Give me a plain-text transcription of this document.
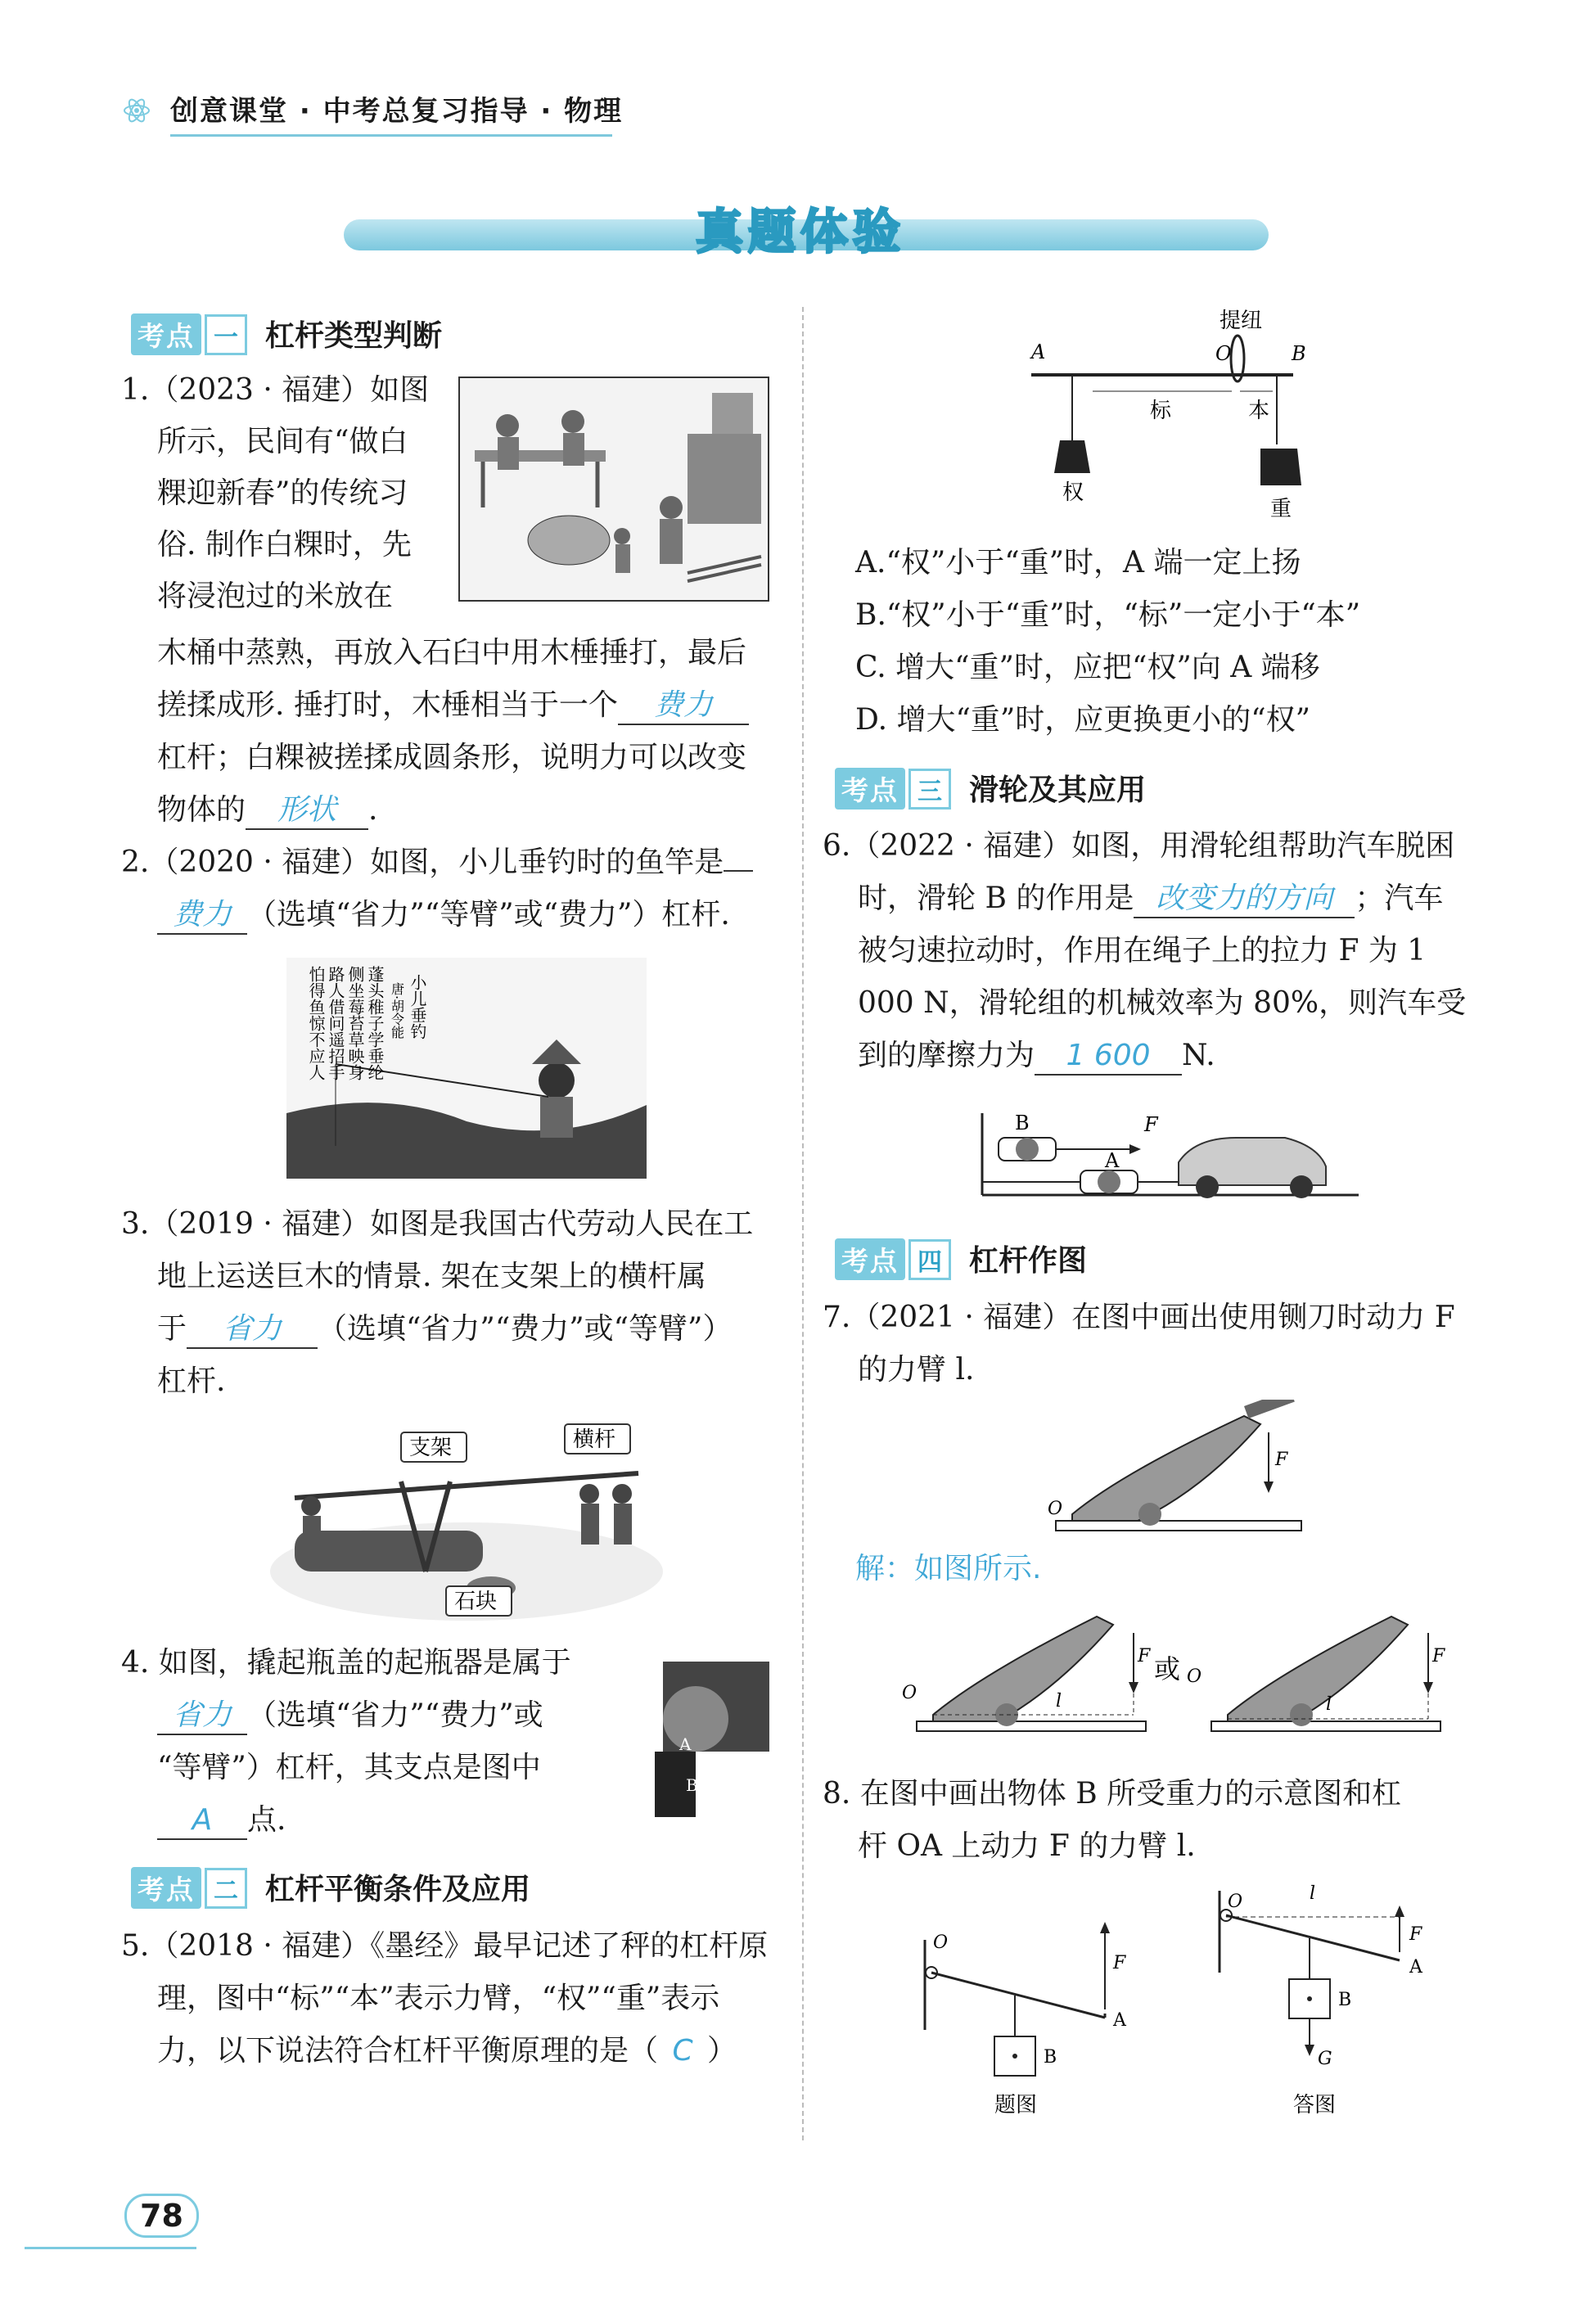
创意课堂 · 中考总复习指导 · 物理
真题体验
考点 一 杠杆类型判断
1.（2023 · 福建）如图
所示，民间有“做白
粿迎新春”的传统习
俗. 制作白粿时，先
将浸泡过的米放在
木桶中蒸熟，再放入石臼中用木棰捶打，最后
搓揉成形. 捶打时，木棰相当于一个 费力
杠杆；白粿被搓揉成圆条形，说明力可以改变
物体的 形状 .
2.（2020 · 福建）如图，小儿垂钓时的鱼竿是
费力 （选填“省力”“等臂”或“费力”）杠杆.
小儿垂钓
唐·胡令能
蓬头稚子学垂纶
侧坐莓苔草映身
路人借问遥招手
怕得鱼惊不应人
3.（2019 · 福建）如图是我国古代劳动人民在工
地上运送巨木的情景. 架在支架上的横杆属
于 省力 （选填“省力”“费力”或“等臂”）
杠杆.
支架	横杆
石块
4. 如图，撬起瓶盖的起瓶器是属于
省力 （选填“省力”“费力”或
“等臂”）杠杆，其支点是图中
A 点.
A
B
考点 二 杠杆平衡条件及应用
5.（2018 · 福建）《墨经》最早记述了秤的杠杆原
理，图中“标”“本”表示力臂，“权”“重”表示
力，以下说法符合杠杆平衡原理的是（ C ）
提纽
A	O	B
标	本
权
重
A.“权”小于“重”时，A 端一定上扬
B.“权”小于“重”时，“标”一定小于“本”
C. 增大“重”时，应把“权”向 A 端移
D. 增大“重”时，应更换更小的“权”
考点 三 滑轮及其应用
6.（2022 · 福建）如图，用滑轮组帮助汽车脱困
时，滑轮 B 的作用是 改变力的方向 ；汽车
被匀速拉动时，作用在绳子上的拉力 F 为 1
000 N，滑轮组的机械效率为 80%，则汽车受
到的摩擦力为 1 600 N.
B	F
A
考点 四 杠杆作图
7.（2021 · 福建）在图中画出使用铡刀时动力 F
的力臂 l.
O
F
解：如图所示.
O
F
l
或 O
F
l
8. 在图中画出物体 B 所受重力的示意图和杠
杆 OA 上动力 F 的力臂 l.
O
F
A
B
题图
O
F
A
l
B
G
答图
78
